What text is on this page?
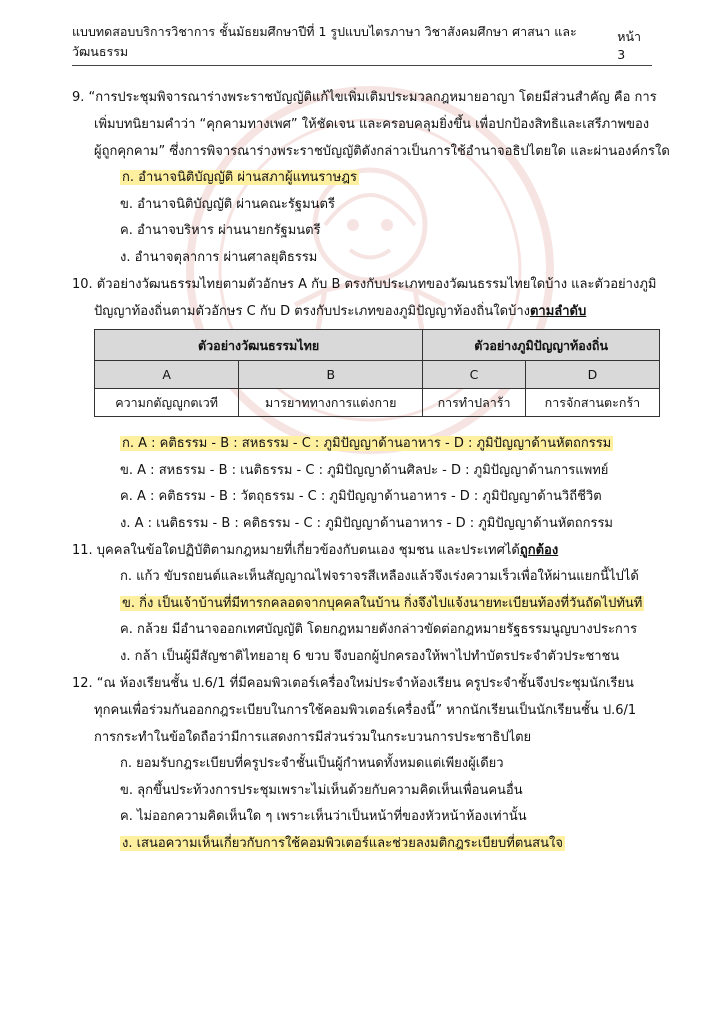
แบบทดสอบบริการวิชาการ ชั้นมัธยมศึกษาปีที่ 1 รูปแบบไตรภาษา วิชาสังคมศึกษา ศาสนา และวัฒนธรรม
หน้า 3
9. “การประชุมพิจารณาร่างพระราชบัญญัติแก้ไขเพิ่มเติมประมวลกฎหมายอาญา โดยมีส่วนสำคัญ คือ การ
เพิ่มบทนิยามคำว่า “คุกคามทางเพศ” ให้ชัดเจน และครอบคลุมยิ่งขึ้น เพื่อปกป้องสิทธิและเสรีภาพของ
ผู้ถูกคุกคาม” ซึ่งการพิจารณาร่างพระราชบัญญัติดังกล่าวเป็นการใช้อำนาจอธิปไตยใด และผ่านองค์กรใด
ก. อำนาจนิติบัญญัติ ผ่านสภาผู้แทนราษฎร
ข. อำนาจนิติบัญญัติ ผ่านคณะรัฐมนตรี
ค. อำนาจบริหาร ผ่านนายกรัฐมนตรี
ง. อำนาจตุลาการ ผ่านศาลยุติธรรม
10. ตัวอย่างวัฒนธรรมไทยตามตัวอักษร A กับ B ตรงกับประเภทของวัฒนธรรมไทยใดบ้าง และตัวอย่างภูมิ
ปัญญาท้องถิ่นตามตัวอักษร C กับ D ตรงกับประเภทของภูมิปัญญาท้องถิ่นใดบ้างตามลำดับ
ตัวอย่างวัฒนธรรมไทย		ตัวอย่างภูมิปัญญาท้องถิ่น	
A	B	C	D
ความกตัญญูกตเวที	มารยาททางการแต่งกาย	การทำปลาร้า	การจักสานตะกร้า
ก. A : คติธรรม - B : สหธรรม - C : ภูมิปัญญาด้านอาหาร - D : ภูมิปัญญาด้านหัตถกรรม
ข. A : สหธรรม - B : เนติธรรม - C : ภูมิปัญญาด้านศิลปะ - D : ภูมิปัญญาด้านการแพทย์
ค. A : คติธรรม - B : วัตถุธรรม - C : ภูมิปัญญาด้านอาหาร - D : ภูมิปัญญาด้านวิถีชีวิต
ง. A : เนติธรรม - B : คติธรรม - C : ภูมิปัญญาด้านอาหาร - D : ภูมิปัญญาด้านหัตถกรรม
11. บุคคลในข้อใดปฏิบัติตามกฎหมายที่เกี่ยวข้องกับตนเอง ชุมชน และประเทศได้ถูกต้อง
ก. แก้ว ขับรถยนต์และเห็นสัญญาณไฟจราจรสีเหลืองแล้วจึงเร่งความเร็วเพื่อให้ผ่านแยกนี้ไปได้
ข. กิ่ง เป็นเจ้าบ้านที่มีทารกคลอดจากบุคคลในบ้าน กิ่งจึงไปแจ้งนายทะเบียนท้องที่วันถัดไปทันที
ค. กล้วย มีอำนาจออกเทศบัญญัติ โดยกฎหมายดังกล่าวขัดต่อกฎหมายรัฐธรรมนูญบางประการ
ง. กล้า เป็นผู้มีสัญชาติไทยอายุ 6 ขวบ จึงบอกผู้ปกครองให้พาไปทำบัตรประจำตัวประชาชน
12. “ณ ห้องเรียนชั้น ป.6/1 ที่มีคอมพิวเตอร์เครื่องใหม่ประจำห้องเรียน ครูประจำชั้นจึงประชุมนักเรียน
ทุกคนเพื่อร่วมกันออกกฎระเบียบในการใช้คอมพิวเตอร์เครื่องนี้” หากนักเรียนเป็นนักเรียนชั้น ป.6/1
การกระทำในข้อใดถือว่ามีการแสดงการมีส่วนร่วมในกระบวนการประชาธิปไตย
ก. ยอมรับกฎระเบียบที่ครูประจำชั้นเป็นผู้กำหนดทั้งหมดแต่เพียงผู้เดียว
ข. ลุกขึ้นประท้วงการประชุมเพราะไม่เห็นด้วยกับความคิดเห็นเพื่อนคนอื่น
ค. ไม่ออกความคิดเห็นใด ๆ เพราะเห็นว่าเป็นหน้าที่ของหัวหน้าห้องเท่านั้น
ง. เสนอความเห็นเกี่ยวกับการใช้คอมพิวเตอร์และช่วยลงมติกฎระเบียบที่ตนสนใจ
